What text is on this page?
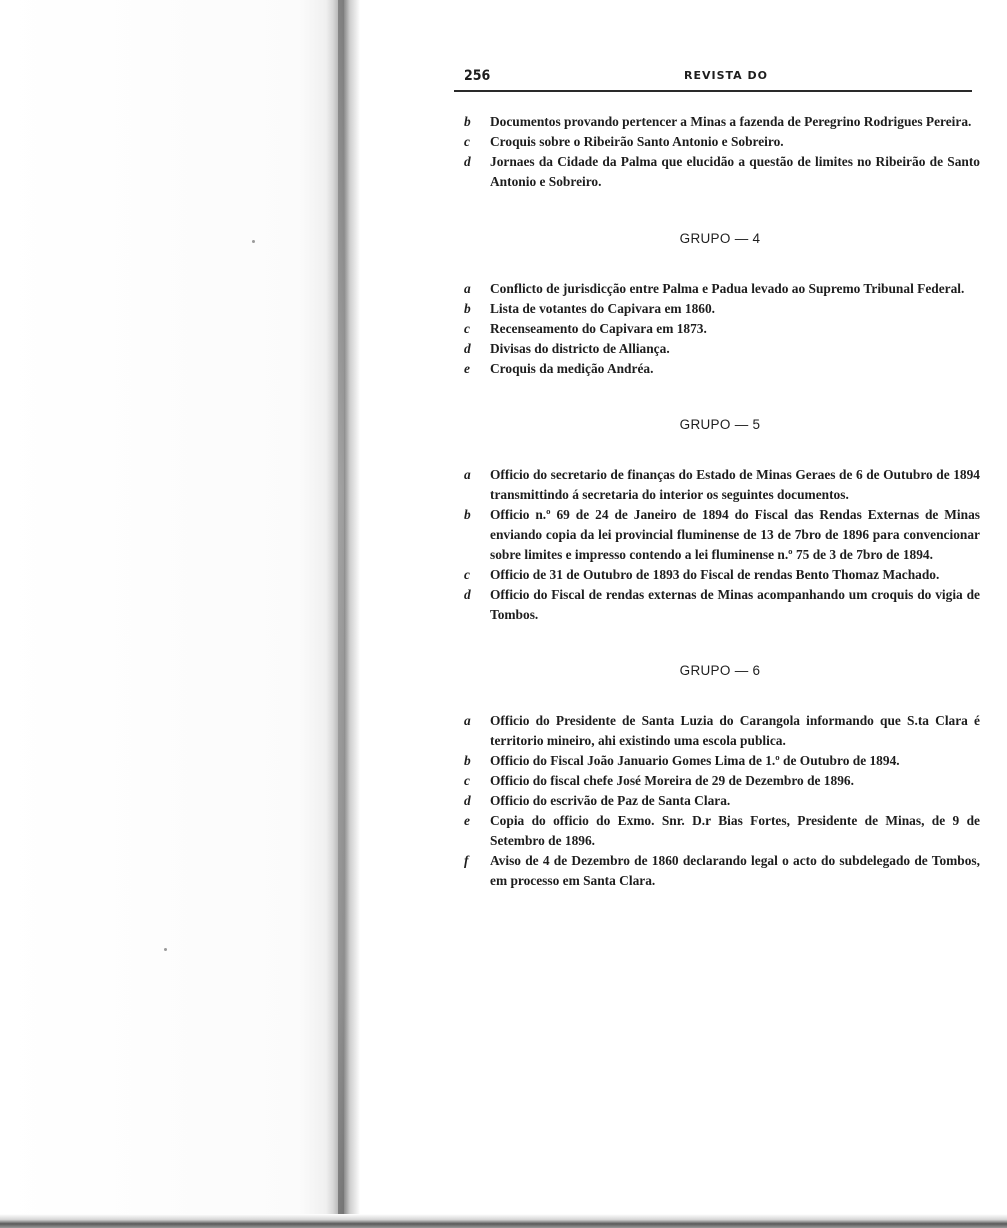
256	REVISTA DO
b Documentos provando pertencer a Minas a fazenda de Peregrino Rodrigues Pereira.
c Croquis sobre o Ribeirão Santo Antonio e Sobreiro.
d Jornaes da Cidade da Palma que elucidão a questão de limites no Ribeirão de Santo Antonio e Sobreiro.

GRUPO — 4

a Conflicto de jurisdicção entre Palma e Padua levado ao Supremo Tribunal Federal.
b Lista de votantes do Capivara em 1860.
c Recenseamento do Capivara em 1873.
d Divisas do districto de Alliança.
e Croquis da medição Andréa.

GRUPO — 5

a Officio do secretario de finanças do Estado de Minas Geraes de 6 de Outubro de 1894 transmittindo á secretaria do interior os seguintes documentos.
b Officio n.º 69 de 24 de Janeiro de 1894 do Fiscal das Rendas Externas de Minas enviando copia da lei provincial fluminense de 13 de 7bro de 1896 para convencionar sobre limites e impresso contendo a lei fluminense n.º 75 de 3 de 7bro de 1894.
c Officio de 31 de Outubro de 1893 do Fiscal de rendas Bento Thomaz Machado.
d Officio do Fiscal de rendas externas de Minas acompanhando um croquis do vigia de Tombos.

GRUPO — 6

a Officio do Presidente de Santa Luzia do Carangola informando que S.ta Clara é territorio mineiro, ahi existindo uma escola publica.
b Officio do Fiscal João Januario Gomes Lima de 1.º de Outubro de 1894.
c Officio do fiscal chefe José Moreira de 29 de Dezembro de 1896.
d Officio do escrivão de Paz de Santa Clara.
e Copia do officio do Exmo. Snr. D.r Bias Fortes, Presidente de Minas, de 9 de Setembro de 1896.
f Aviso de 4 de Dezembro de 1860 declarando legal o acto do subdelegado de Tombos, em processo em Santa Clara.
